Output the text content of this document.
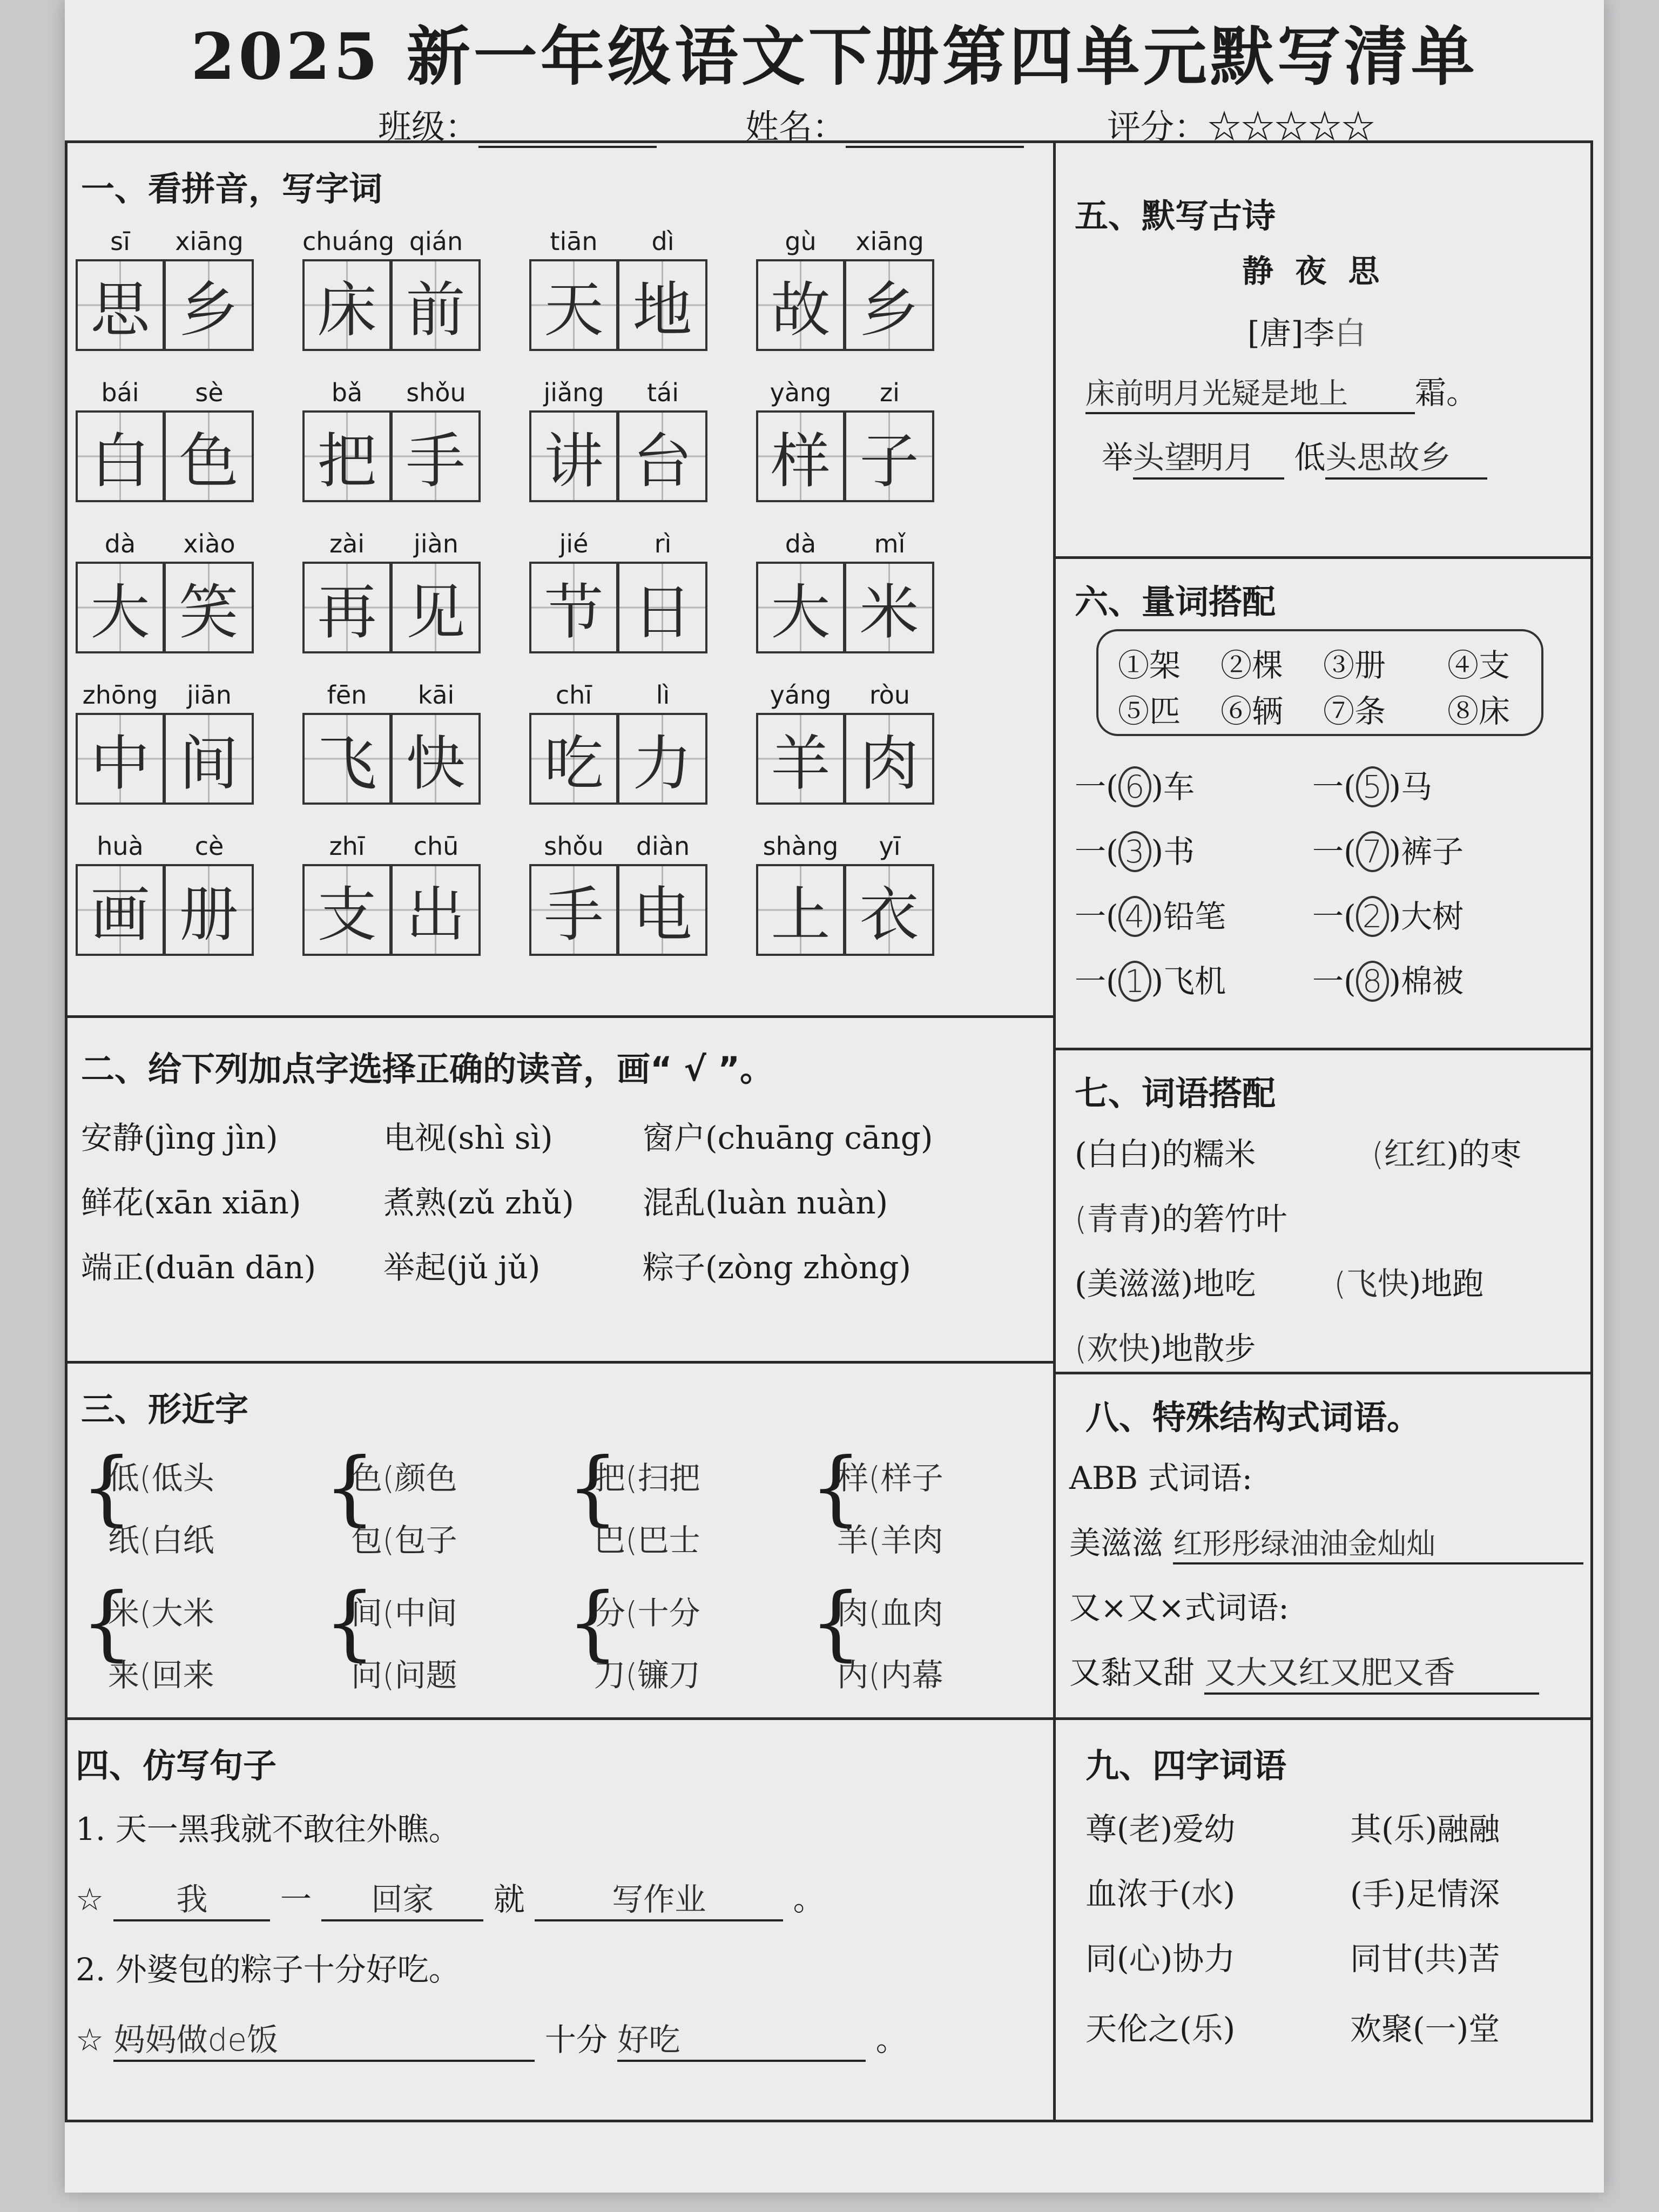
2025 新一年级语文下册第四单元默写清单
班级：	姓名：	评分：☆☆☆☆☆
一、看拼音，写字词
sī	xiāng
思 乡
chuáng qián
床 前
tiān	dì
天 地
gù	xiāng
故 乡
bái	sè
白 色
bǎ	shǒu
把 手
jiǎng	tái
讲 台
yàng	zi
样 子
dà	xiào
大 笑
zài	jiàn
再 见
jié	rì
节 日
dà	mǐ
大 米
zhōng	jiān
中 间
fēn	kāi
飞 快
chī	lì
吃 力
yáng	ròu
羊 肉
huà	cè
画 册
zhī	chū
支 出
shǒu	diàn
手 电
shàng	yī
上 衣
二、给下列加点字选择正确的读音，画“ √ ”。
安静(jìng jìn)	电视(shì sì)	窗户(chuāng cāng)
鲜花(xān xiān)	煮熟(zǔ zhǔ) 混乱(luàn nuàn)
端正(duān dān) 举起(jǔ jǔ)	粽子(zòng zhòng)
三、形近字
{
低(低头
纸(白纸
{
色(颜色
包(包子
{
把(扫把
巴(巴士
{
样(样子
羊(羊肉
{
米(大米
来(回来
{
间(中间
问(问题
{
分(十分
刀(镰刀
{
肉(血肉
内(内幕
四、仿写句子
1. 天一黑我就不敢往外瞧。
☆ 我 一 回家 就	写作业	。
2. 外婆包的粽子十分好吃。
☆ 妈妈做de饭	十分 好吃	。
五、默写古诗
静 夜 思
[唐]李白
床前明月光疑是地上 霜。
举头望明月 低头思故乡
六、量词搭配
①架 ②棵 ③册 ④支
⑤匹 ⑥辆 ⑦条 ⑧床
一( 6 )车	一( 5 )马
一( 3 )书	一( 7 )裤子
一( 4 )铅笔	一( 2 )大树
一( 1 )飞机	一( 8 )棉被
七、词语搭配
(白白)的糯米	(红红)的枣
(青青)的箬竹叶
(美滋滋)地吃 (飞快)地跑
(欢快)地散步
八、特殊结构式词语。
ABB 式词语:
美滋滋 红形彤绿油油金灿灿
又×又×式词语:
又黏又甜 又大又红又肥又香
九、四字词语
尊(老)爱幼	其(乐)融融
血浓于(水)	(手)足情深
同(心)协力	同甘(共)苦
天伦之(乐)	欢聚(一)堂
